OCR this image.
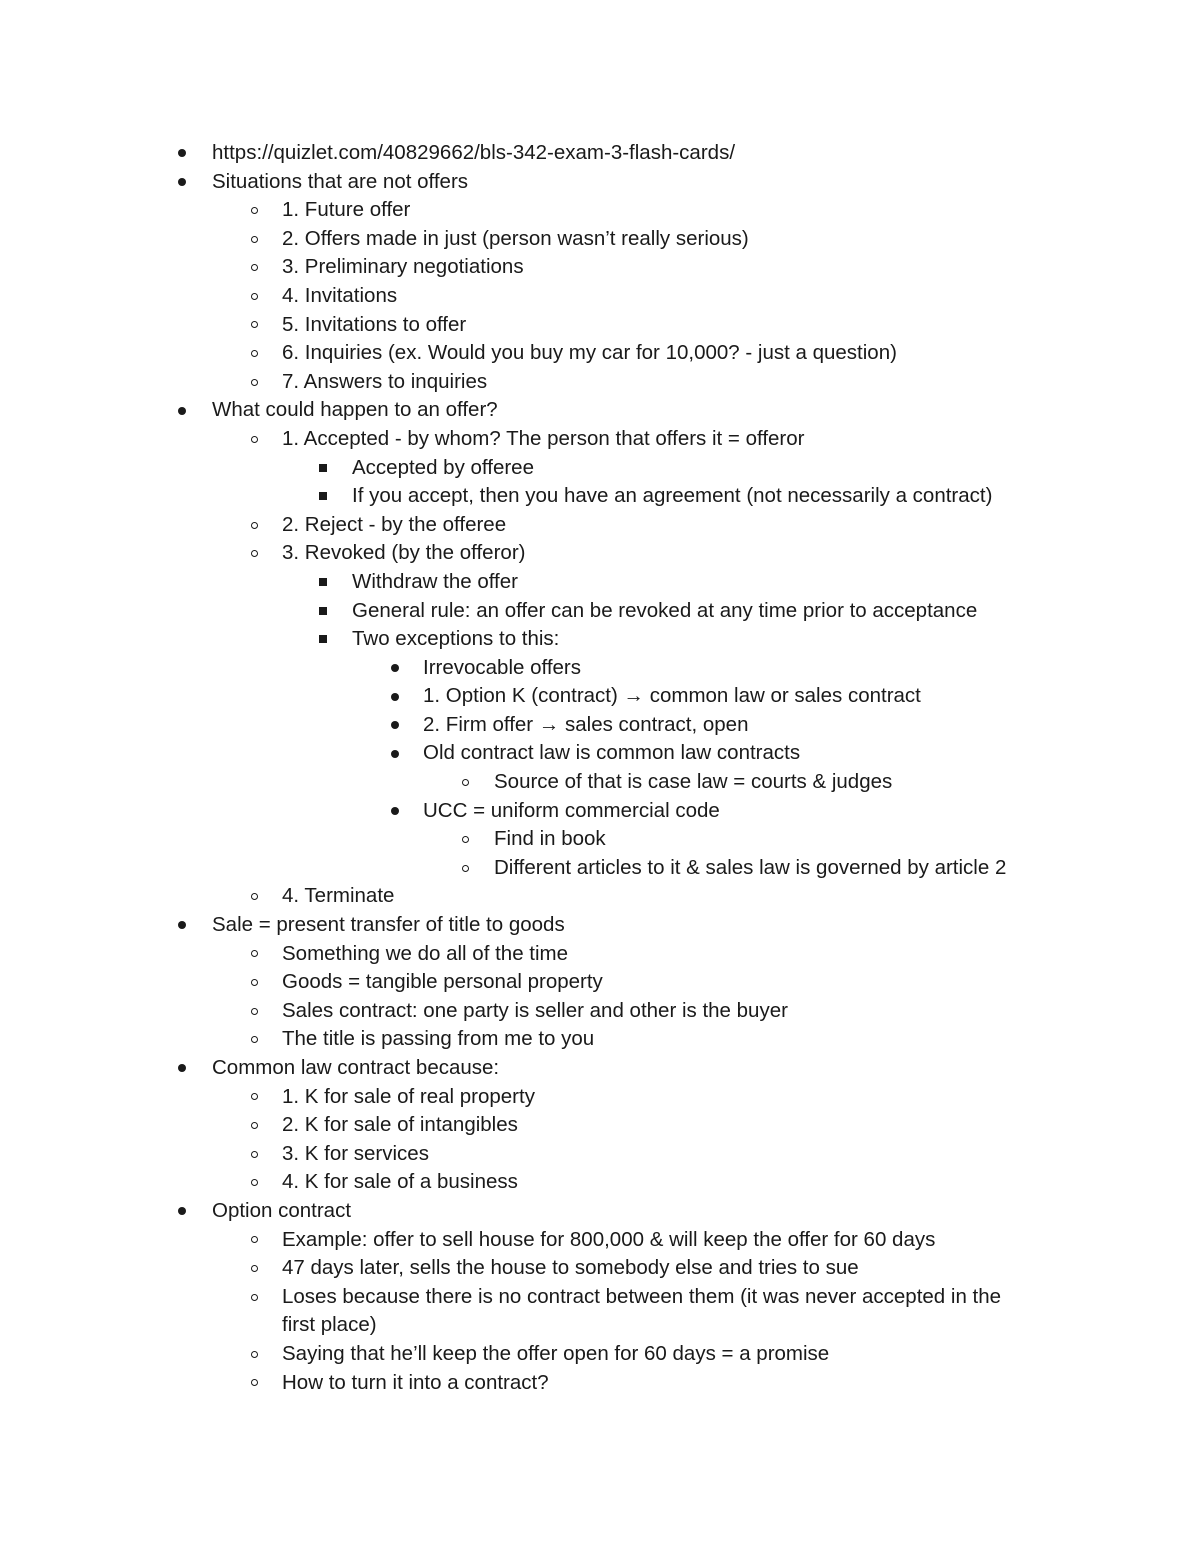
https://quizlet.com/40829662/bls-342-exam-3-flash-cards/
Situations that are not offers
1. Future offer
2. Offers made in just (person wasn’t really serious)
3. Preliminary negotiations
4. Invitations
5. Invitations to offer
6. Inquiries (ex. Would you buy my car for 10,000? - just a question)
7. Answers to inquiries
What could happen to an offer?
1. Accepted - by whom? The person that offers it = offeror
Accepted by offeree
If you accept, then you have an agreement (not necessarily a contract)
2. Reject - by the offeree
3. Revoked (by the offeror)
Withdraw the offer
General rule: an offer can be revoked at any time prior to acceptance
Two exceptions to this:
Irrevocable offers
1. Option K (contract) → common law or sales contract
2. Firm offer → sales contract, open
Old contract law is common law contracts
Source of that is case law = courts & judges
UCC = uniform commercial code
Find in book
Different articles to it & sales law is governed by article 2
4. Terminate
Sale = present transfer of title to goods
Something we do all of the time
Goods = tangible personal property
Sales contract: one party is seller and other is the buyer
The title is passing from me to you
Common law contract because:
1. K for sale of real property
2. K for sale of intangibles
3. K for services
4. K for sale of a business
Option contract
Example: offer to sell house for 800,000 & will keep the offer for 60 days
47 days later, sells the house to somebody else and tries to sue
Loses because there is no contract between them (it was never accepted in the
first place)
Saying that he’ll keep the offer open for 60 days = a promise
How to turn it into a contract?
